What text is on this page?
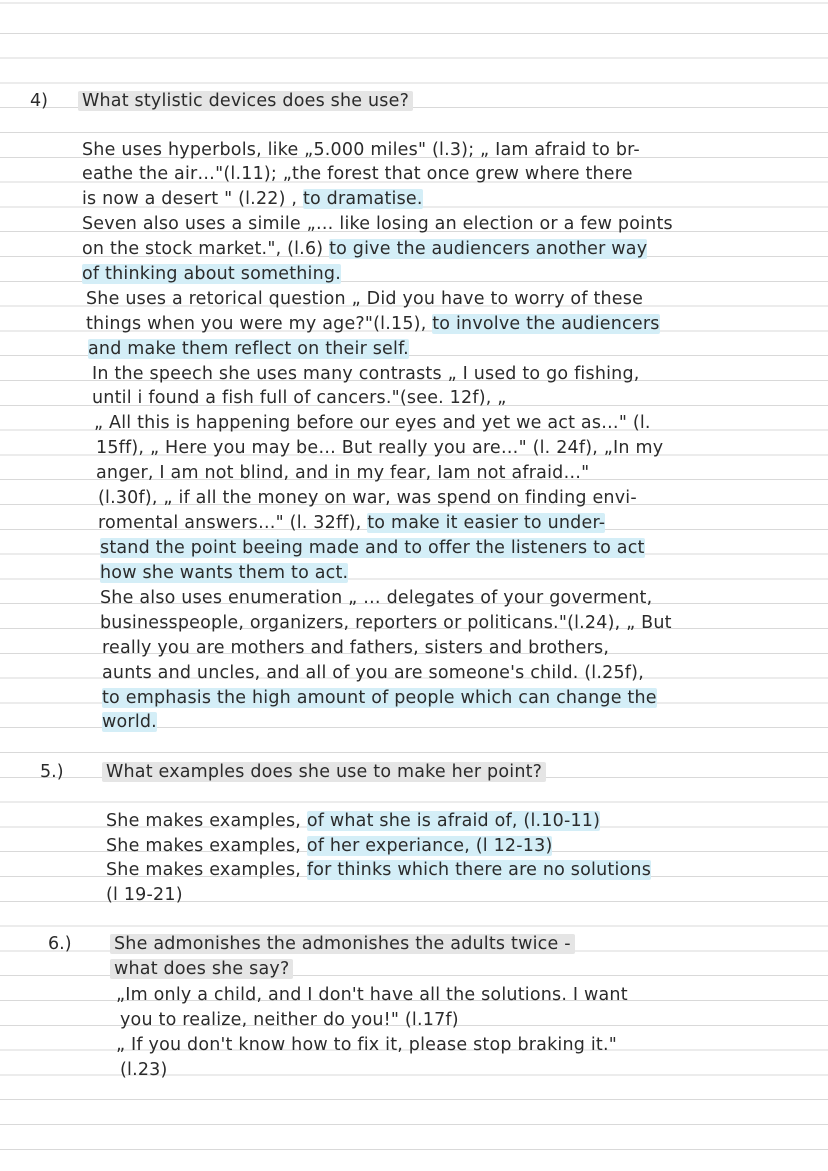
4) What stylistic devices does she use?
She uses hyperbols, like „5.000 miles" (l.3); „ Iam afraid to br-
eathe the air…"(l.11); „the forest that once grew where there
is now a desert " (l.22) , to dramatise.
Seven also uses a simile „… like losing an election or a few points
on the stock market.", (l.6) to give the audiencers another way
of thinking about something.
She uses a retorical question „ Did you have to worry of these
things when you were my age?"(l.15), to involve the audiencers
and make them reflect on their self.
In the speech she uses many contrasts „ I used to go fishing,
until i found a fish full of cancers."(see. 12f), „
„ All this is happening before our eyes and yet we act as…" (l.
15ff), „ Here you may be… But really you are…" (l. 24f), „In my
anger, I am not blind, and in my fear, Iam not afraid…"
(l.30f), „ if all the money on war, was spend on finding envi-
romental answers…" (l. 32ff), to make it easier to under-
stand the point beeing made and to offer the listeners to act
how she wants them to act.
She also uses enumeration „ … delegates of your goverment,
businesspeople, organizers, reporters or politicans."(l.24), „ But
really you are mothers and fathers, sisters and brothers,
aunts and uncles, and all of you are someone's child. (l.25f),
to emphasis the high amount of people which can change the
world.
5.) What examples does she use to make her point?
She makes examples, of what she is afraid of, (l.10-11)
She makes examples, of her experiance, (l 12-13)
She makes examples, for thinks which there are no solutions
(l 19-21)
6.) She admonishes the admonishes the adults twice -
what does she say?
„Im only a child, and I don't have all the solutions. I want
you to realize, neither do you!" (l.17f)
„ If you don't know how to fix it, please stop braking it."
(l.23)
